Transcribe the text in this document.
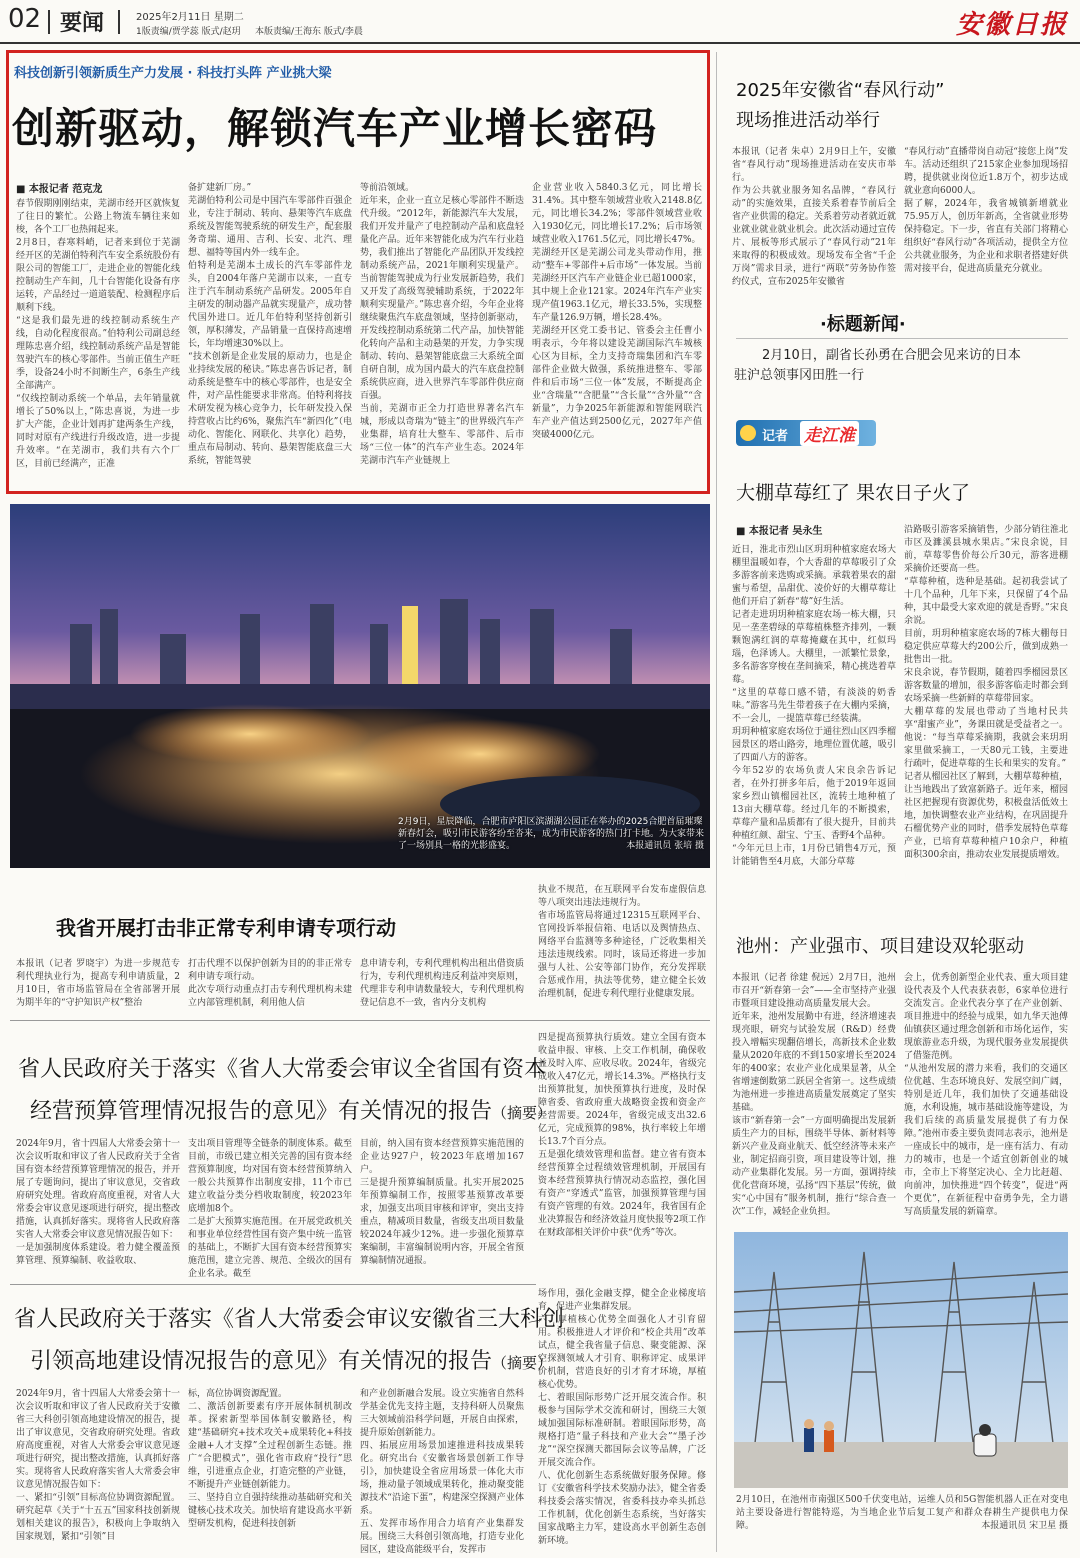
02 要闻	2025年2月11日 星期二
1版责编/贾学蕊 版式/赵玥 本版责编/王海东 版式/李晨	安徽日报
科技创新引领新质生产力发展 · 科技打头阵 产业挑大梁
创新驱动，解锁汽车产业增长密码
■ 本报记者 范克龙
春节假期刚刚结束，芜湖市经开区就恢复了往日的繁忙。公路上物流车辆往来如梭，各个工厂也热闹起来。
2月8日，春寒料峭，记者来到位于芜湖经开区的芜湖伯特利汽车安全系统股份有限公司的智能工厂，走进企业的智能化线控制动生产车间，几十台智能化设备有序运转，产品经过一道道装配、检测程序后顺利下线。
“这是我们最先进的线控制动系统生产线，自动化程度很高。”伯特利公司副总经理陈忠喜介绍，线控制动系统产品是智能驾驶汽车的核心零部件。当前正值生产旺季，设备24小时不间断生产，6条生产线全部满产。
“仅线控制动系统一个单品，去年销量就增长了50%以上，”陈忠喜说，为进一步扩大产能，企业计划再扩建两条生产线，同时对原有产线进行升级改造，进一步提升效率。“在芜湖市，我们共有六个厂区，目前已经满产，正准
备扩建新厂房。”
芜湖伯特利公司是中国汽车零部件百强企业，专注于制动、转向、悬架等汽车底盘系统及智能驾驶系统的研发生产，配套服务奇瑞、通用、吉利、长安、北汽、理想、福特等国内外一线车企。
伯特利是芜湖本土成长的汽车零部件龙头，自2004年落户芜湖市以来，一直专注于汽车制动系统产品研发。2005年自主研发的制动器产品就实现量产，成功替代国外进口。近几年伯特利坚持创新引领，厚积薄发，产品销量一直保持高速增长，年均增速30%以上。
“技术创新是企业发展的原动力，也是企业持续发展的秘诀。”陈忠喜告诉记者，制动系统是整车中的核心零部件，也是安全件，对产品性能要求非常高。伯特利将技术研发视为核心竞争力，长年研发投入保持营收占比约6%，聚焦汽车“新四化”（电动化、智能化、网联化、共享化）趋势，重点布局制动、转向、悬架智能底盘三大系统，智能驾驶
等前沿领域。
近年来，企业一直立足核心零部件不断迭代升级。“2012年，新能源汽车大发展，我们开发并量产了电控制动产品和底盘轻量化产品。近年来智能化成为汽车行业趋势，我们推出了智能化产品团队开发线控制动系统产品，2021年顺利实现量产。当前智能驾驶成为行业发展新趋势，我们又开发了高级驾驶辅助系统，于2022年顺利实现量产。”陈忠喜介绍，今年企业将继续聚焦汽车底盘领域，坚持创新驱动，开发线控制动系统第二代产品，加快智能化转向产品和主动悬架的开发，力争实现制动、转向、悬架智能底盘三大系统全面自研自制，成为国内最大的汽车底盘控制系统供应商，进入世界汽车零部件供应商百强。
当前，芜湖市正全力打造世界著名汽车城，形成以奇瑞为“链主”的世界级汽车产业集群，培育壮大整车、零部件、后市场“三位一体”的汽车产业生态。2024年芜湖市汽车产业链规上
企业营业收入5840.3亿元，同比增长31.4%。其中整车领域营业收入2148.8亿元，同比增长34.2%；零部件领域营业收入1930亿元，同比增长17.2%；后市场领域营业收入1761.5亿元，同比增长47%。
芜湖经开区是芜湖公司龙头带动作用，推动“整车+零部件+后市场”一体发展。当前芜湖经开区汽车产业链企业已超1000家，其中规上企业121家。2024年汽车产业实现产值1963.1亿元，增长33.5%，实现整车产量126.9万辆，增长28.4%。
芜湖经开区党工委书记、管委会主任曹小明表示，今年将以建设芜湖国际汽车城核心区为目标，全力支持奇瑞集团和汽车零部件企业做大做强，系统推进整车、零部件和后市场“三位一体”发展，不断提高企业“含瑞量”“含肥量”“含长量”“含外量”“含新量”，力争2025年新能源和智能网联汽车产业产值达到2500亿元，2027年产值突破4000亿元。
2月9日，星辰降临，合肥市庐阳区滨湖湖公园正在举办的2025合肥首届璀璨新春灯会，吸引市民游客纷至沓来，成为市民游客的热门打卡地。为大家带来了一场别具一格的光影盛宴。	本报通讯员 张培 摄
我省开展打击非正常专利申请专项行动
本报讯（记者 罗晓宇）为进一步规范专利代理执业行为，提高专利申请质量，2月10日，省市场监管局在全省部署开展为期半年的“守护知识产权”整治
打击代理不以保护创新为目的的非正常专利申请专项行动。
此次专项行动重点打击专利代理机构未建立内部管理机制，利用他人信
息申请专利，专利代理机构出租出借资质行为，专利代理机构违反利益冲突原则，代理非专利申请数量较大，专利代理机构登记信息不一致，省内分支机构
执业不规范，在互联网平台发布虚假信息等八项突出违法违规行为。
省市场监管局将通过12315互联网平台、官网投诉举报信箱、电话以及舆情热点、网络平台监测等多种途径，广泛收集相关违法违规线索。同时，该局还将进一步加强与人社、公安等部门协作，充分发挥联合惩戒作用，执法等优势，建立健全长效治理机制，促进专利代理行业健康发展。
省人民政府关于落实《省人大常委会审议全省国有资本
经营预算管理情况报告的意见》有关情况的报告（摘要）
2024年9月，省十四届人大常委会第十一次会议听取和审议了省人民政府关于全省国有资本经营预算管理情况的报告，并开展了专题询问，提出了审议意见，交省政府研究处理。省政府高度重视，对省人大常委会审议意见逐项进行研究，提出整改措施，认真抓好落实。现将省人民政府落实省人大常委会审议意见情况报告如下：
一是加强制度体系建设。着力健全覆盖预算管理、预算编制、收益收取、
支出项目管理等全链条的制度体系。截至目前，市级已建立相关完善的国有资本经营预算制度，均对国有资本经营预算纳入一般公共预算作出制度安排，11个市已建立收益分类分档收取制度，较2023年底增加8个。
二是扩大预算实施范围。在开展党政机关和事业单位经营性国有资产集中统一监管的基础上，不断扩大国有资本经营预算实施范围，建立完善、规范、全级次的国有企业名录。截至
目前，纳入国有资本经营预算实施范围的企业达927户，较2023年底增加167户。
三是提升预算编制质量。扎实开展2025年预算编制工作，按照零基预算改革要求，加强支出项目审核和评审，突出支持重点，精减项目数量，省级支出项目数量较2024年减少12%。进一步强化预算草案编制，丰富编制说明内容，开展全省预算编制情况通报。
四是提高预算执行质效。建立全国有资本收益申报、审核、上交工作机制，确保收益及时入库、应收尽收。2024年，省级完成收入47亿元，增长14.3%。严格执行支出预算批复，加快预算执行进度，及时保障省委、省政府重大战略资金拨和资金产经营需要。2024年，省级完成支出32.6亿元，完成预算的98%，执行率较上年增长13.7个百分点。
五是强化绩效管理和监督。建立省有资本经营预算全过程绩效管理机制，开展国有资本经营预算执行情况动态监控，强化国有资产“穿透式”监管，加强预算管理与国有资产管理的有效。2024年，我省国有企业决算报告和经济效益月度快报等2项工作在财政部相关评价中获“优秀”等次。
省人民政府关于落实《省人大常委会审议安徽省三大科创
引领高地建设情况报告的意见》有关情况的报告（摘要）
2024年9月，省十四届人大常委会第十一次会议听取和审议了省人民政府关于安徽省三大科创引领高地建设情况的报告，提出了审议意见，交省政府研究处理。省政府高度重视，对省人大常委会审议意见逐项进行研究，提出整改措施，认真抓好落实。现将省人民政府落实省人大常委会审议意见情况报告如下：
一、紧扣“引领”目标高位协调资源配置。研究起草《关于“十五五”国家科技创新规划相关建议的报告》，积极向上争取纳入国家规划，紧扣“引领”目
标，高位协调资源配置。
二、激活创新要素有序开展体制机制改革。探索新型举国体制安徽路径，构建“基础研究+技术攻关+成果转化+科技金融+人才支撑”全过程创新生态链。推广“合肥模式”，强化省市政府“投行”思维，引进重点企业，打造完整的产业链，不断提升产业链创新能力。
三、坚持自立自强持续推动基础研究和关键核心技术攻关。加快培育建设高水平新型研发机构，促进科技创新
和产业创新融合发展。设立实施省自然科学基金优先支持主题，支持科研人员聚焦三大领域前沿科学问题，开展自由探索，提升原始创新能力。
四、拓展应用场景加速推进科技成果转化。研究出台《安徽省场景创新工作导引》，加快建设全省应用场景一体化大市场，推动量子领域成果转化，推动聚变能源技术“沿途下蛋”，构建深空探测产业体系。
五、发挥市场作用合力培育产业集群发展。围绕三大科创引领高地，打造专业化园区，建设高能级平台，发挥市
场作用，强化金融支撑，健全企业梯度培育，促进产业集群发展。
六、厚植核心优势全面强化人才引育留用。积极推进人才评价和“校企共用”改革试点，健全我省量子信息、聚变能源、深空探测领域人才引育、职称评定、成果评价机制，营造良好的引才育才环境，厚植核心优势。
七、着眼国际形势广泛开展交流合作。积极参与国际学术交流和研讨，围绕三大领域加强国际标准研制。着眼国际形势，高规格打造“量子科技和产业大会”“墨子沙龙”“深空探测天都国际会议等品牌，广泛开展交流合作。
八、优化创新生态系统做好服务保障。修订《安徽省科学技术奖励办法》，健全省委科技委会落实情况，省委科技办牵头抓总工作机制，优化创新生态系统，当好落实国家战略主力军，建设高水平创新生态创新环境。
2025年安徽省“春风行动”
现场推进活动举行
本报讯（记者 朱卓）2月9日上午，安徽省“春风行动”现场推进活动在安庆市举行。
作为公共就业服务知名品牌，“春风行动”的实施效果，直接关系着春节前后全省产业供需的稳定。关系着劳动者就近就业就业就业就业机会。此次活动通过宣传片、展板等形式展示了“春风行动”21年来取得的积极成效。现场发布全省“千企万岗”需求目录，进行“两联”劳务协作签约仪式，宣布2025年安徽省
“春风行动”直播带岗自动冠“接您上岗”发车。活动还组织了215家企业参加现场招聘，提供就业岗位近1.8万个，初步达成就业意向6000人。
据了解，2024年，我省城镇新增就业75.95万人，创历年新高，全省就业形势保持稳定。下一步，省直有关部门将精心组织好“春风行动”各项活动，提供全方位公共就业服务，为企业和求职者搭建好供需对接平台，促进高质量充分就业。
·标题新闻·
2月10日，副省长孙勇在合肥会见来访的日本
驻沪总领事冈田胜一行
记者 走江淮
大棚草莓红了 果农日子火了
■ 本报记者 吴永生
近日，淮北市烈山区玥玥种植家庭农场大棚里温暖如春，个大香甜的草莓吸引了众多游客前来选购或采摘。承载着果农的甜蜜与希望，品甜优、凌价好的大棚草莓让他们开启了新春“莓”好生活。
记者走进玥玥种植家庭农场一栋大棚，只见一垄垄碧绿的草莓植株整齐排列，一颗颗饱满红润的草莓掩藏在其中，红似玛瑙，色泽诱人。大棚里，一派繁忙景象，多名游客穿梭在垄间摘采，精心挑选着草莓。
“这里的草莓口感不错，有淡淡的奶香味。”游客马先生带着孩子在大棚内采摘，不一会儿，一提篮草莓已经装满。
玥玥种植家庭农场位于通往烈山区四季榴园景区的塔山路旁，地理位置优越，吸引了四面八方的游客。
今年52岁的农场负责人宋良余告诉记者，在外打拼多年后，他于2019年返回家乡烈山镇榴园社区，流转土地种植了13亩大棚草莓。经过几年的不断摸索，草莓产量和品质都有了很大提升，目前共种植红颜、甜宝、宁玉、香野4个品种。
“今年元旦上市，1月份已销售4万元，预计能销售至4月底，大部分草莓
沿路吸引游客采摘销售，少部分销往淮北市区及濉溪县城水果店。”宋良余说，目前，草莓零售价每公斤30元，游客进棚采摘价还要高一些。
“草莓种植，选种是基础。起初我尝试了十几个品种，几年下来，只保留了4个品种，其中最受大家欢迎的就是香野。”宋良余说。
目前，玥玥种植家庭农场的7栋大棚每日稳定供应草莓大约200公斤，做到成熟一批售出一批。
宋良余说，春节假期，随着四季榴园景区游客数量的增加，很多游客临走时都会到农场采摘一些新鲜的草莓带回家。
大棚草莓的发展也带动了当地村民共享“甜蜜产业”，务课田就是受益者之一。他说：“每当草莓采摘期，我就会来玥玥家里做采摘工，一天80元工钱，主要进行疏叶，促进草莓的生长和果实的发育。”
记者从榴园社区了解到，大棚草莓种植，让当地践出了致富新路子。近年来，榴园社区把握现有资源优势，积极盘活低效土地，加快调整农业产业结构，在巩固提升石榴优势产业的同时，借季发展特色草莓产业，已培育草莓种植户10余户，种植面积300余亩，推动农业发展提质增效。
池州：产业强市、项目建设双轮驱动
本报讯（记者 徐建 倪远）2月7日，池州市召开“新春第一会”——全市坚持产业强市暨项目建设推动高质量发展大会。
近年来，池州发展勤中有进，经济增速表现亮眼，研究与试验发展（R&D）经费投入增幅实现翻倍增长，高新技术企业数量从2020年底的不到150家增长至2024年的400家；农业产业化成果显著，从全省增速倒数第二跃居全省第一。这些成绩为池州进一步推进高质量发展奠定了坚实基础。
该市“新春第一会”一方面明确提出发展新质生产力的目标，围绕半导体、新材料等新兴产业及商业航天、低空经济等未来产业，制定招商引资，项目建设等计划，推动产业集群化发展。另一方面，强调持续优化营商环境，弘扬“四下基层”传统，做实“心中国有”服务机制，推行“综合查一次”工作，减轻企业负担。
会上，优秀创新型企业代表、重大项目建设代表及个人代表获表彰，6家单位进行交流发言。企业代表分享了在产业创新、项目推进中的经验与成果，如九华天池傅仙镇获区通过理念创新和市场化运作，实现旅游业态升级，为现代服务业发展提供了借鉴范例。
“从池州发展的潜力来看，我们的交通区位优越、生态环境良好、发展空间广阔，特别是近几年，我们加快了交通基础设施，水利设施，城市基础设施等建设，为我们后续的高质量发展提供了有力保障。”池州市委主要负责同志表示，池州是一座成长中的城市，是一座有活力、有动力的城市，也是一个适宜创新创业的城市，全市上下将坚定决心、全力比赶超、向前冲，加快推进“四个转变”，促进“两个更优”，在新征程中奋勇争先，全力谱写高质量发展的新篇章。
2月10日，在池州市南强区500千伏变电站，运维人员和5G智能机器人正在对变电站主要设备进行智能特巡，为当地企业节后复工复产和群众春耕生产提供电力保障。	本报通讯员 宋卫星 摄
